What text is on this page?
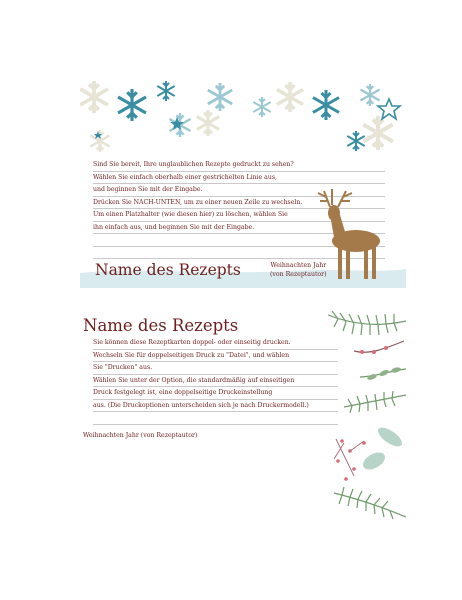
Sind Sie bereit, Ihre unglaublichen Rezepte gedruckt zu sehen?
Wählen Sie einfach oberhalb einer gestrichelten Linie aus,
und beginnen Sie mit der Eingabe.
Drücken Sie NACH-UNTEN, um zu einer neuen Zeile zu wechseln.
Um einen Platzhalter (wie diesen hier) zu löschen, wählen Sie
ihn einfach aus, und beginnen Sie mit der Eingabe.
Name des Rezepts	Weihnachten Jahr
(von Rezeptautor)
Name des Rezepts
Sie können diese Rezeptkarten doppel- oder einseitig drucken.
Wechseln Sie für doppelseitigen Druck zu "Datei", und wählen
Sie "Drucken" aus.
Wählen Sie unter der Option, die standardmäßig auf einseitigen
Druck festgelegt ist, eine doppelseitige Druckeinstellung
aus. (Die Druckoptionen unterscheiden sich je nach Druckermodell.)
Weihnachten Jahr (von Rezeptautor)
